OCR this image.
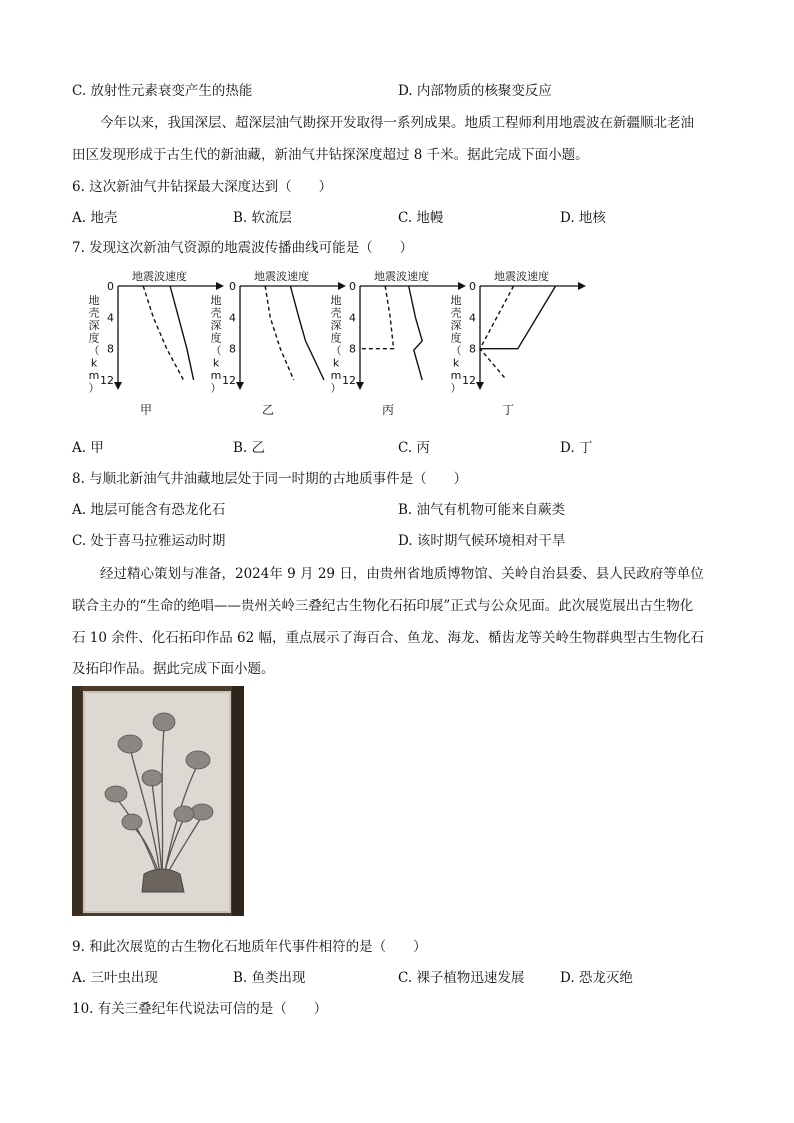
C. 放射性元素衰变产生的热能	D. 内部物质的核聚变反应
今年以来，我国深层、超深层油气勘探开发取得一系列成果。地质工程师利用地震波在新疆顺北老油
田区发现形成于古生代的新油藏，新油气井钻探深度超过 8 千米。据此完成下面小题。
6. 这次新油气井钻探最大深度达到（　　）
A. 地壳	B. 软流层	C. 地幔	D. 地核
7. 发现这次新油气资源的地震波传播曲线可能是（　　）
地震波速度
0
4
8
12
地
壳
深
度
（
k
m
）
甲
地震波速度
0
4
8
12
地
壳
深
度
（
k
m
）
乙
地震波速度
0
4
8
12
地
壳
深
度
（
k
m
）
丙
地震波速度
0
4
8
12
地
壳
深
度
（
k
m
）
丁
A. 甲	B. 乙	C. 丙	D. 丁
8. 与顺北新油气井油藏地层处于同一时期的古地质事件是（　　）
A. 地层可能含有恐龙化石	B. 油气有机物可能来自蕨类
C. 处于喜马拉雅运动时期	D. 该时期气候环境相对干旱
经过精心策划与准备，2024年 9 月 29 日，由贵州省地质博物馆、关岭自治县委、县人民政府等单位
联合主办的“生命的绝唱——贵州关岭三叠纪古生物化石拓印展”正式与公众见面。此次展览展出古生物化
石 10 余件、化石拓印作品 62 幅，重点展示了海百合、鱼龙、海龙、楯齿龙等关岭生物群典型古生物化石
及拓印作品。据此完成下面小题。
9. 和此次展览的古生物化石地质年代事件相符的是（　　）
A. 三叶虫出现	B. 鱼类出现	C. 裸子植物迅速发展	D. 恐龙灭绝
10. 有关三叠纪年代说法可信的是（　　）
